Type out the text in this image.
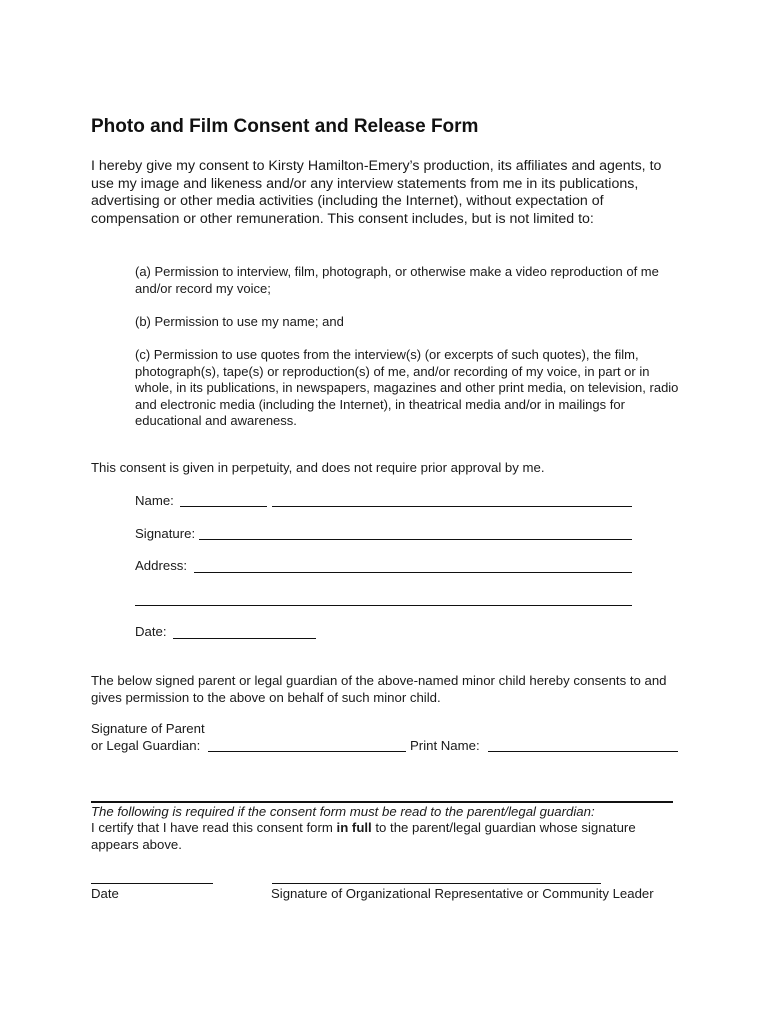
Photo and Film Consent and Release Form
I hereby give my consent to Kirsty Hamilton-Emery’s production, its affiliates and agents, to use my image and likeness and/or any interview statements from me in its publications, advertising or other media activities (including the Internet), without expectation of compensation or other remuneration. This consent includes, but is not limited to:
(a) Permission to interview, film, photograph, or otherwise make a video reproduction of me and/or record my voice;
(b) Permission to use my name; and
(c) Permission to use quotes from the interview(s) (or excerpts of such quotes), the film, photograph(s), tape(s) or reproduction(s) of me, and/or recording of my voice, in part or in whole, in its publications, in newspapers, magazines and other print media, on television, radio and electronic media (including the Internet), in theatrical media and/or in mailings for educational and awareness.
This consent is given in perpetuity, and does not require prior approval by me.
Name:
Signature:
Address:
Date:
The below signed parent or legal guardian of the above-named minor child hereby consents to and gives permission to the above on behalf of such minor child.
Signature of Parent
or Legal Guardian:	Print Name:
The following is required if the consent form must be read to the parent/legal guardian:
I certify that I have read this consent form in full to the parent/legal guardian whose signature appears above.
Date	Signature of Organizational Representative or Community Leader
